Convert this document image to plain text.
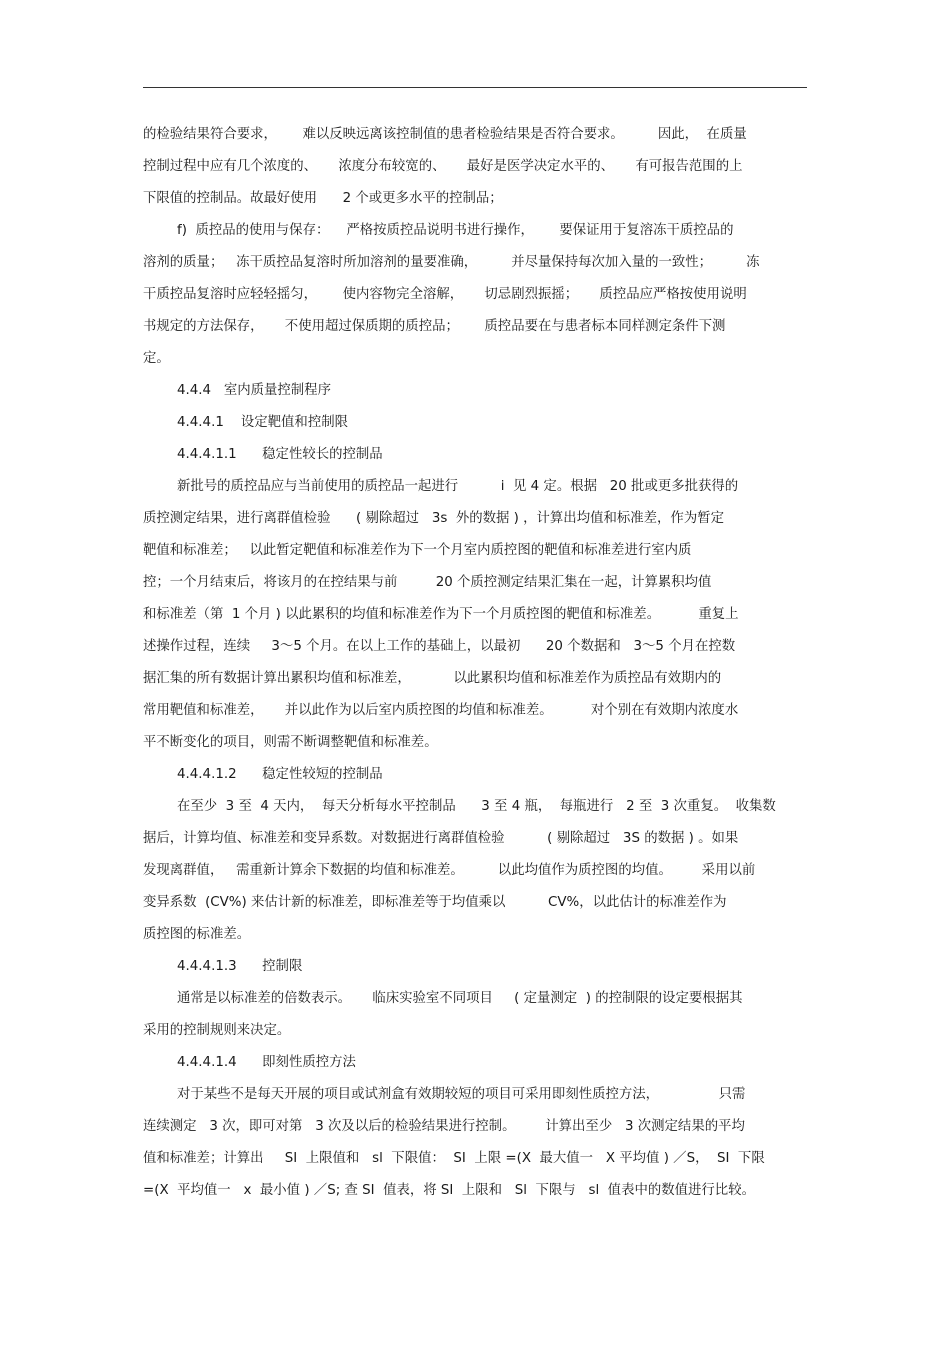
的检验结果符合要求，      难以反映远离该控制值的患者检验结果是否符合要求。        因此，  在质量
控制过程中应有几个浓度的、     浓度分布较宽的、     最好是医学决定水平的、     有可报告范围的上
下限值的控制品。故最好使用      2 个或更多水平的控制品；
f)  质控品的使用与保存：    严格按质控品说明书进行操作，      要保证用于复溶冻干质控品的
溶剂的质量；   冻干质控品复溶时所加溶剂的量要准确，        并尽量保持每次加入量的一致性；        冻
干质控品复溶时应轻轻摇匀，      使内容物完全溶解，     切忌剧烈振摇；     质控品应严格按使用说明
书规定的方法保存，     不使用超过保质期的质控品；      质控品要在与患者标本同样测定条件下测
定。
4.4.4   室内质量控制程序
4.4.4.1    设定靶值和控制限
4.4.4.1.1      稳定性较长的控制品
新批号的质控品应与当前使用的质控品一起进行          i  见 4 定。根据   20 批或更多批获得的
质控测定结果，进行离群值检验      ( 剔除超过   3s  外的数据 ) ，计算出均值和标准差，作为暂定
靶值和标准差；   以此暂定靶值和标准差作为下一个月室内质控图的靶值和标准差进行室内质
控；一个月结束后，将该月的在控结果与前         20 个质控测定结果汇集在一起，计算累积均值
和标准差（第  1 个月 ) 以此累积的均值和标准差作为下一个月质控图的靶值和标准差。         重复上
述操作过程，连续     3～5 个月。在以上工作的基础上，以最初      20 个数据和   3～5 个月在控数
据汇集的所有数据计算出累积均值和标准差，          以此累积均值和标准差作为质控品有效期内的
常用靶值和标准差，     并以此作为以后室内质控图的均值和标准差。         对个别在有效期内浓度水
平不断变化的项目，则需不断调整靶值和标准差。
4.4.4.1.2      稳定性较短的控制品
在至少  3 至  4 天内，  每天分析每水平控制品      3 至 4 瓶，  每瓶进行   2 至  3 次重复。  收集数
据后，计算均值、标准差和变异系数。对数据进行离群值检验          ( 剔除超过   3S 的数据 ) 。如果
发现离群值，   需重新计算余下数据的均值和标准差。        以此均值作为质控图的均值。       采用以前
变异系数  (CV%) 来估计新的标准差，即标准差等于均值乘以          CV%，以此估计的标准差作为
质控图的标准差。
4.4.4.1.3      控制限
通常是以标准差的倍数表示。     临床实验室不同项目     ( 定量测定  ) 的控制限的设定要根据其
采用的控制规则来决定。
4.4.4.1.4      即刻性质控方法
对于某些不是每天开展的项目或试剂盒有效期较短的项目可采用即刻性质控方法，              只需
连续测定   3 次，即可对第   3 次及以后的检验结果进行控制。       计算出至少   3 次测定结果的平均
值和标准差；计算出     SI  上限值和   sl  下限值：  SI  上限 =(X  最大值一   X 平均值 ) ／S，  SI  下限
=(X  平均值一   x  最小值 ) ／S; 查 SI  值表，将 SI  上限和   Sl  下限与   sl  值表中的数值进行比较。
